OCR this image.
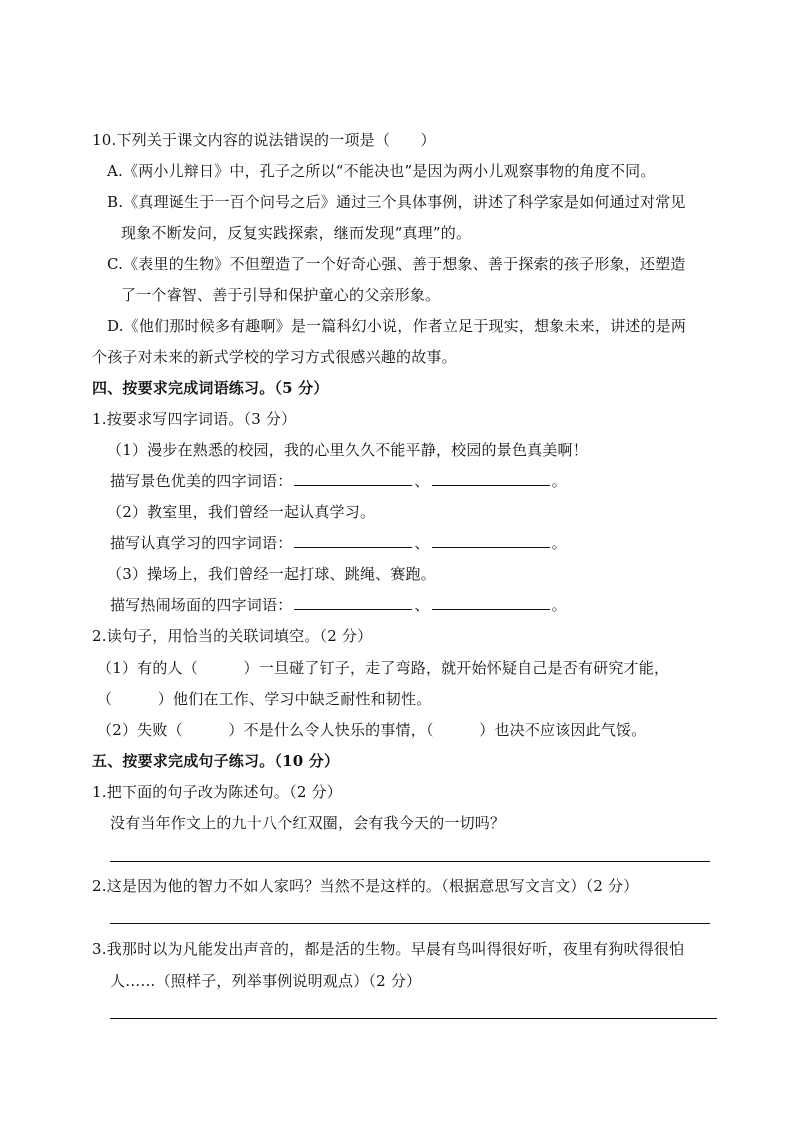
10.下列关于课文内容的说法错误的一项是（　　）
A.《两小儿辩日》中，孔子之所以“不能决也”是因为两小儿观察事物的角度不同。
B.《真理诞生于一百个问号之后》通过三个具体事例，讲述了科学家是如何通过对常见
现象不断发问，反复实践探索，继而发现“真理”的。
C.《表里的生物》不但塑造了一个好奇心强、善于想象、善于探索的孩子形象，还塑造
了一个睿智、善于引导和保护童心的父亲形象。
D.《他们那时候多有趣啊》是一篇科幻小说，作者立足于现实，想象未来，讲述的是两
个孩子对未来的新式学校的学习方式很感兴趣的故事。
四、按要求完成词语练习。（5 分）
1.按要求写四字词语。（3 分）
（1）漫步在熟悉的校园，我的心里久久不能平静，校园的景色真美啊！
描写景色优美的四字词语：	、	。
（2）教室里，我们曾经一起认真学习。
描写认真学习的四字词语：	、	。
（3）操场上，我们曾经一起打球、跳绳、赛跑。
描写热闹场面的四字词语：	、	。
2.读句子，用恰当的关联词填空。（2 分）
（1）有的人（　　　）一旦碰了钉子，走了弯路，就开始怀疑自己是否有研究才能，
（　　　）他们在工作、学习中缺乏耐性和韧性。
（2）失败（　　　）不是什么令人快乐的事情，（　　　）也决不应该因此气馁。
五、按要求完成句子练习。（10 分）
1.把下面的句子改为陈述句。（2 分）
没有当年作文上的九十八个红双圈，会有我今天的一切吗？
2.这是因为他的智力不如人家吗？当然不是这样的。（根据意思写文言文）（2 分）
3.我那时以为凡能发出声音的，都是活的生物。早晨有鸟叫得很好听，夜里有狗吠得很怕
人……（照样子，列举事例说明观点）（2 分）
